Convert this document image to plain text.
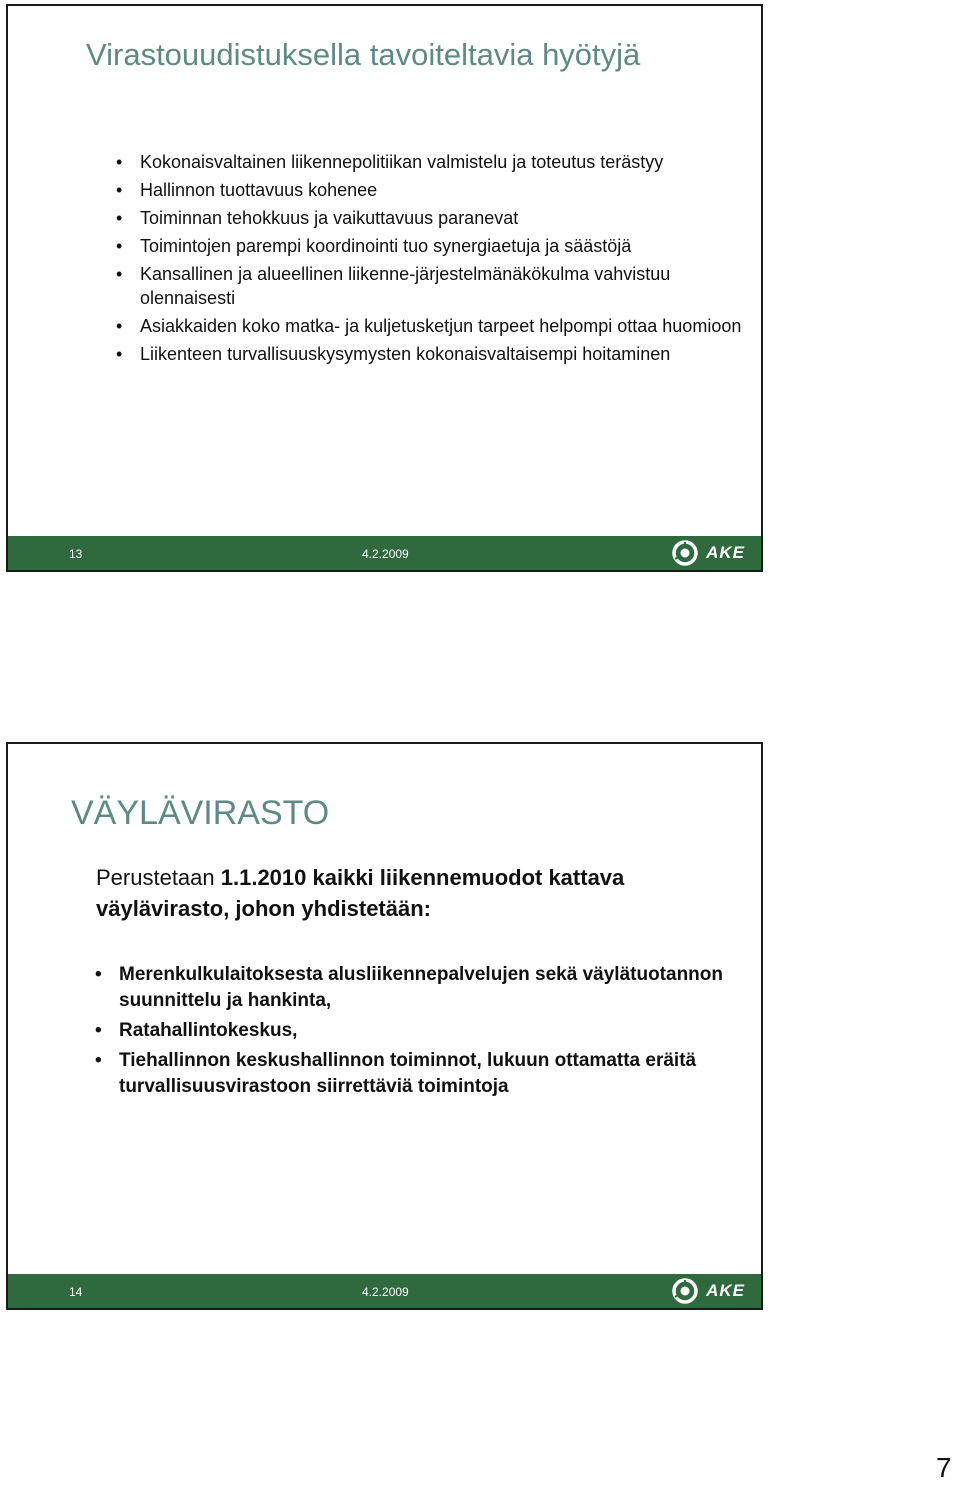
Virastouudistuksella tavoiteltavia hyötyjä
• Kokonaisvaltainen liikennepolitiikan valmistelu ja toteutus terästyy
• Hallinnon tuottavuus kohenee
• Toiminnan tehokkuus ja vaikuttavuus paranevat
• Toimintojen parempi koordinointi tuo synergiaetuja ja säästöjä
• Kansallinen ja alueellinen liikenne-järjestelmänäkökulma vahvistuu olennaisesti
• Asiakkaiden koko matka- ja kuljetusketjun tarpeet helpompi ottaa huomioon
• Liikenteen turvallisuuskysymysten kokonaisvaltaisempi hoitaminen
13	4.2.2009	AKE
VÄYLÄVIRASTO
Perustetaan 1.1.2010 kaikki liikennemuodot kattava väylävirasto, johon yhdistetään:
• Merenkulkulaitoksesta alusliikennepalvelujen sekä väylätuotannon suunnittelu ja hankinta,
• Ratahallintokeskus,
• Tiehallinnon keskushallinnon toiminnot, lukuun ottamatta eräitä turvallisuusvirastoon siirrettäviä toimintoja
14	4.2.2009	AKE
7
